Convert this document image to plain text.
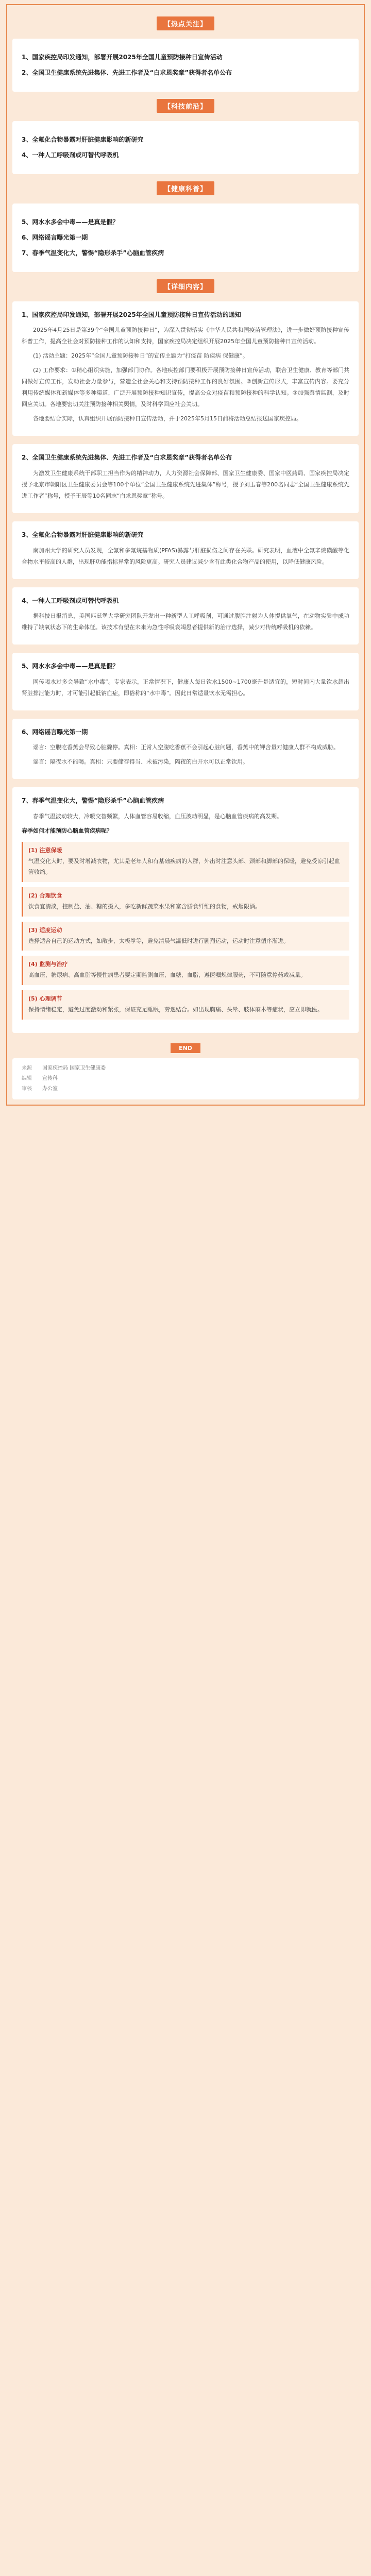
【热点关注】
1、国家疾控局印发通知，部署开展2025年全国儿童预防接种日宣传活动
2、全国卫生健康系统先进集体、先进工作者及“白求恩奖章”获得者名单公布
【科技前沿】
3、全氟化合物暴露对肝脏健康影响的新研究
4、一种人工呼吸剂或可替代呼吸机
【健康科普】
5、网水水多会中毒——是真是假？
6、网络谣言曝光第一期
7、春季气温变化大，警惕“隐形杀手”心脑血管疾病
【详细内容】
1、国家疾控局印发通知，部署开展2025年全国儿童预防接种日宣传活动的通知

2025年4月25日是第39个“全国儿童预防接种日”，为深入贯彻落实《中华人民共和国疫苗管理法》，进一步做好预防接种宣传科普工作，提高全社会对预防接种工作的认知和支持，国家疾控局决定组织开展2025年全国儿童预防接种日宣传活动。

(1) 活动主题：2025年“全国儿童预防接种日”的宣传主题为“打疫苗 防疾病 保健康”。

(2) 工作要求：①精心组织实施，加强部门协作。各地疾控部门要积极开展预防接种日宣传活动，联合卫生健康、教育等部门共同做好宣传工作，发动社会力量参与，营造全社会关心和支持预防接种工作的良好氛围。②创新宣传形式，丰富宣传内容。要充分利用传统媒体和新媒体等多种渠道，广泛开展预防接种知识宣传，提高公众对疫苗和预防接种的科学认知。③加强舆情监测，及时回应关切。各地要密切关注预防接种相关舆情，及时科学回应社会关切。

各地要结合实际，认真组织开展预防接种日宣传活动，并于2025年5月15日前将活动总结报送国家疾控局。

2、全国卫生健康系统先进集体、先进工作者及“白求恩奖章”获得者名单公布

为激发卫生健康系统干部职工担当作为的精神动力，人力资源社会保障部、国家卫生健康委、国家中医药局、国家疾控局决定授予北京市朝阳区卫生健康委员会等100个单位“全国卫生健康系统先进集体”称号，授予刘玉春等200名同志“全国卫生健康系统先进工作者”称号，授予王辰等10名同志“白求恩奖章”称号。

3、全氟化合物暴露对肝脏健康影响的新研究

南加州大学的研究人员发现，全氟和多氟烷基物质(PFAS)暴露与肝脏损伤之间存在关联。研究表明，血液中全氟辛烷磺酸等化合物水平较高的人群，出现肝功能指标异常的风险更高。研究人员建议减少含有此类化合物产品的使用，以降低健康风险。

4、一种人工呼吸剂或可替代呼吸机

据科技日报消息，美国匹兹堡大学研究团队开发出一种新型人工呼吸剂，可通过腹腔注射为人体提供氧气，在动物实验中成功维持了缺氧状态下的生命体征。该技术有望在未来为急性呼吸衰竭患者提供新的治疗选择，减少对传统呼吸机的依赖。

5、网水水多会中毒——是真是假？

网传喝水过多会导致“水中毒”。专家表示，正常情况下，健康人每日饮水1500~1700毫升是适宜的，短时间内大量饮水超出肾脏排泄能力时，才可能引起低钠血症，即俗称的“水中毒”。因此日常适量饮水无需担心。

6、网络谣言曝光第一期

谣言：空腹吃香蕉会导致心脏骤停。真相：正常人空腹吃香蕉不会引起心脏问题，香蕉中的钾含量对健康人群不构成威胁。

谣言：隔夜水不能喝。真相：只要储存得当、未被污染，隔夜的白开水可以正常饮用。

7、春季气温变化大，警惕“隐形杀手”心脑血管疾病

春季气温波动较大，冷暖交替频繁，人体血管容易收缩，血压波动明显，是心脑血管疾病的高发期。

春季如何才能预防心脑血管疾病呢？

(1) 注意保暖
气温变化大时，要及时增减衣物，尤其是老年人和有基础疾病的人群，外出时注意头部、颈部和脚部的保暖，避免受凉引起血管收缩。
(2) 合理饮食
饮食宜清淡，控制盐、油、糖的摄入，多吃新鲜蔬菜水果和富含膳食纤维的食物，戒烟限酒。
(3) 适度运动
选择适合自己的运动方式，如散步、太极拳等，避免清晨气温低时进行剧烈运动，运动时注意循序渐进。
(4) 监测与治疗
高血压、糖尿病、高血脂等慢性病患者要定期监测血压、血糖、血脂，遵医嘱规律服药，不可随意停药或减量。
(5) 心理调节
保持情绪稳定，避免过度激动和紧张，保证充足睡眠，劳逸结合。如出现胸痛、头晕、肢体麻木等症状，应立即就医。
END
来源	国家疾控局 国家卫生健康委
编辑	宣传科
审核	办公室
